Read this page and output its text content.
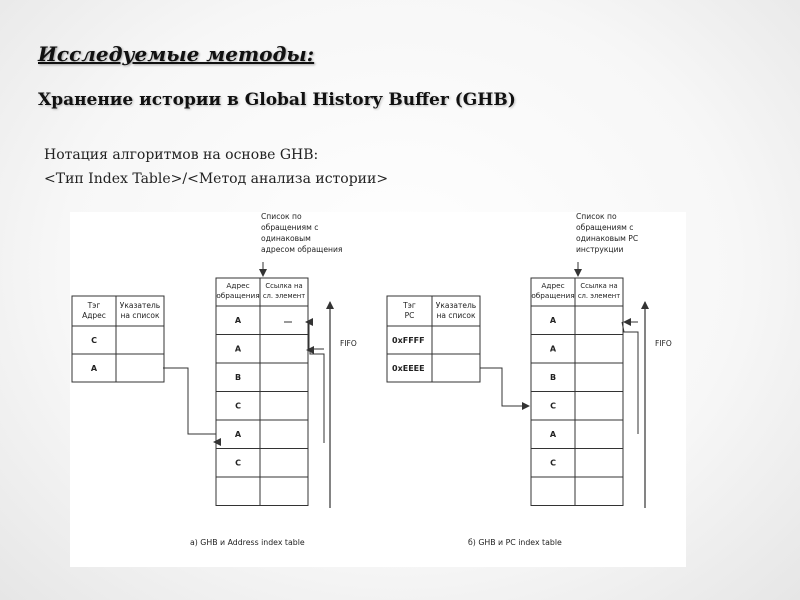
Исследуемые методы:
Хранение истории в Global History Buffer (GHB)
Нотация алгоритмов на основе GHB:
<Тип Index Table>/<Метод анализа истории>
Список по
обращениям с
одинаковым
адресом обращения
Тэг
Адрес
Указатель
на список
C
A
Адрес
обращения
Ссылка на
сл. элемент
A
A
B
C
A
C
FIFO
а) GHB и Address index table
Список по
обращениям с
одинаковым PC
инструкции
Тэг
PC
Указатель
на список
0xFFFF
0xEEEE
Адрес
обращения
Ссылка на
сл. элемент
A
A
B
C
A
C
FIFO
б) GHB и PC index table
